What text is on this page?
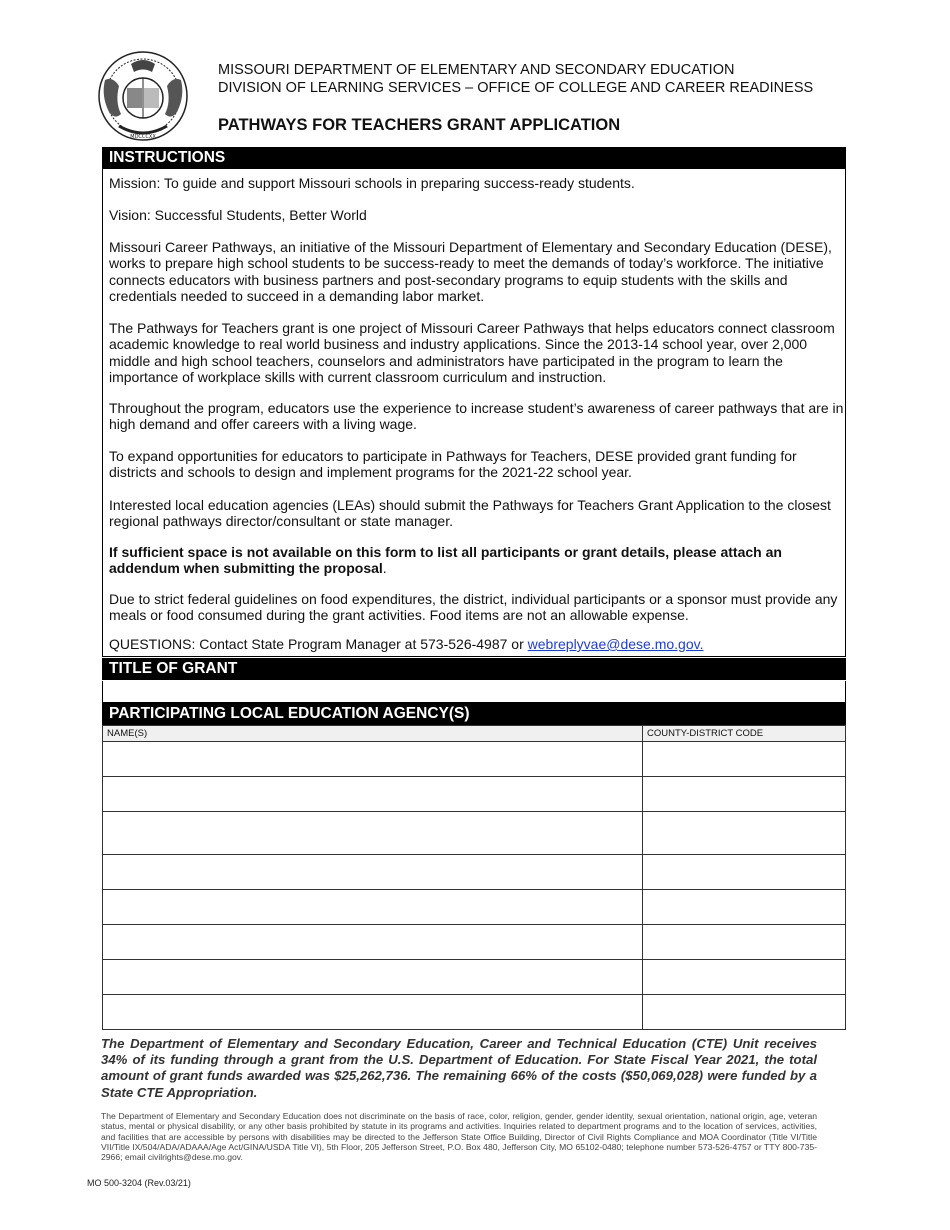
MDCCCXX
MISSOURI DEPARTMENT OF ELEMENTARY AND SECONDARY EDUCATION
DIVISION OF LEARNING SERVICES – OFFICE OF COLLEGE AND CAREER READINESS
PATHWAYS FOR TEACHERS GRANT APPLICATION
INSTRUCTIONS

Mission: To guide and support Missouri schools in preparing success-ready students.

Vision: Successful Students, Better World

Missouri Career Pathways, an initiative of the Missouri Department of Elementary and Secondary Education (DESE), works to prepare high school students to be success-ready to meet the demands of today’s workforce. The initiative connects educators with business partners and post-secondary programs to equip students with the skills and credentials needed to succeed in a demanding labor market.

The Pathways for Teachers grant is one project of Missouri Career Pathways that helps educators connect classroom academic knowledge to real world business and industry applications. Since the 2013-14 school year, over 2,000 middle and high school teachers, counselors and administrators have participated in the program to learn the importance of workplace skills with current classroom curriculum and instruction.

Throughout the program, educators use the experience to increase student’s awareness of career pathways that are in high demand and offer careers with a living wage.

To expand opportunities for educators to participate in Pathways for Teachers, DESE provided grant funding for districts and schools to design and implement programs for the 2021-22 school year.

Interested local education agencies (LEAs) should submit the Pathways for Teachers Grant Application to the closest regional pathways director/consultant or state manager.

If sufficient space is not available on this form to list all participants or grant details, please attach an addendum when submitting the proposal.

Due to strict federal guidelines on food expenditures, the district, individual participants or a sponsor must provide any meals or food consumed during the grant activities. Food items are not an allowable expense.

QUESTIONS: Contact State Program Manager at 573-526-4987 or webreplyvae@dese.mo.gov.

TITLE OF GRANT
PARTICIPATING LOCAL EDUCATION AGENCY(S)
NAME(S)	COUNTY-DISTRICT CODE

The Department of Elementary and Secondary Education, Career and Technical Education (CTE) Unit receives 34% of its funding through a grant from the U.S. Department of Education. For State Fiscal Year 2021, the total amount of grant funds awarded was $25,262,736. The remaining 66% of the costs ($50,069,028) were funded by a State CTE Appropriation.

The Department of Elementary and Secondary Education does not discriminate on the basis of race, color, religion, gender, gender identity, sexual orientation, national origin, age, veteran status, mental or physical disability, or any other basis prohibited by statute in its programs and activities. Inquiries related to department programs and to the location of services, activities, and facilities that are accessible by persons with disabilities may be directed to the Jefferson State Office Building, Director of Civil Rights Compliance and MOA Coordinator (Title VI/Title VII/Title IX/504/ADA/ADAAA/Age Act/GINA/USDA Title VI), 5th Floor, 205 Jefferson Street, P.O. Box 480, Jefferson City, MO 65102-0480; telephone number 573-526-4757 or TTY 800-735-2966; email civilrights@dese.mo.gov.

MO 500-3204 (Rev.03/21)
